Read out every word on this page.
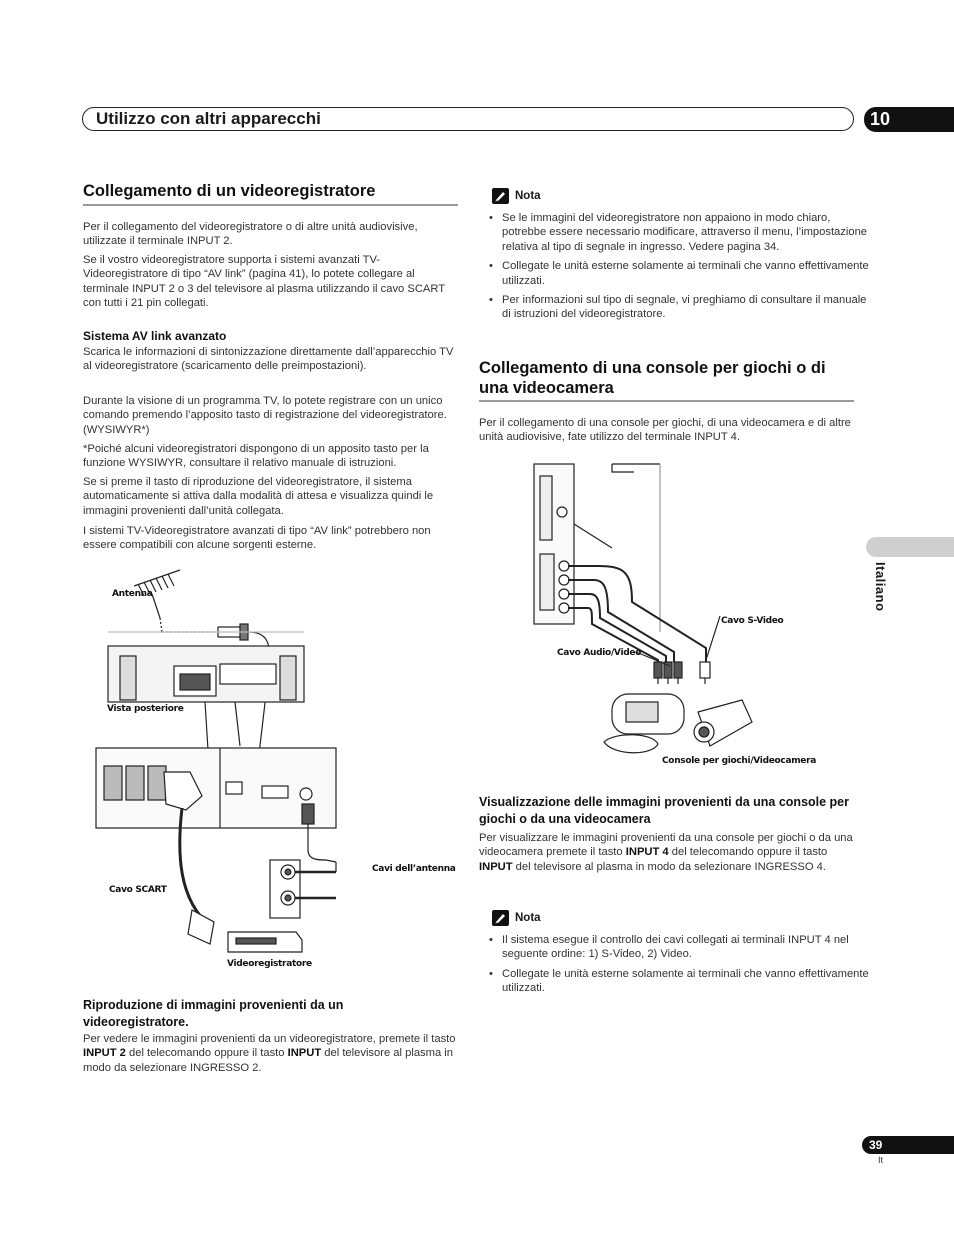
Utilizzo con altri apparecchi	10
Italiano
Collegamento di un videoregistratore

Per il collegamento del videoregistratore o di altre unità audiovisive, utilizzate il terminale INPUT 2.

Se il vostro videoregistratore supporta i sistemi avanzati TV-Videoregistratore di tipo “AV link” (pagina 41), lo potete collegare al terminale INPUT 2 o 3 del televisore al plasma utilizzando il cavo SCART con tutti i 21 pin collegati.

Sistema AV link avanzato

Scarica le informazioni di sintonizzazione direttamente dall’apparecchio TV al videoregistratore (scaricamento delle preimpostazioni).

Durante la visione di un programma TV, lo potete registrare con un unico comando premendo l’apposito tasto di registrazione del videoregistratore. (WYSIWYR*)

*Poiché alcuni videoregistratori dispongono di un apposito tasto per la funzione WYSIWYR, consultare il relativo manuale di istruzioni.

Se si preme il tasto di riproduzione del videoregistratore, il sistema automaticamente si attiva dalla modalità di attesa e visualizza quindi le immagini provenienti dall’unità collegata.

I sistemi TV-Videoregistratore avanzati di tipo “AV link” potrebbero non essere compatibili con alcune sorgenti esterne.

Antenna
Vista posteriore
Cavi dell’antenna
Cavo SCART
Videoregistratore
Riproduzione di immagini provenienti da un videoregistratore.

Per vedere le immagini provenienti da un videoregistratore, premete il tasto INPUT 2 del telecomando oppure il tasto INPUT del televisore al plasma in modo da selezionare INGRESSO 2.

Nota
• Se le immagini del videoregistratore non appaiono in modo chiaro, potrebbe essere necessario modificare, attraverso il menu, l’impostazione relativa al tipo di segnale in ingresso. Vedere pagina 34.
• Collegate le unità esterne solamente ai terminali che vanno effettivamente utilizzati.
• Per informazioni sul tipo di segnale, vi preghiamo di consultare il manuale di istruzioni del videoregistratore.
Collegamento di una console per giochi o di una videocamera

Per il collegamento di una console per giochi, di una videocamera e di altre unità audiovisive, fate utilizzo del terminale INPUT 4.

Cavo S-Video
Cavo Audio/Video
Console per giochi/Videocamera
Visualizzazione delle immagini provenienti da una console per giochi o da una videocamera

Per visualizzare le immagini provenienti da una console per giochi o da una videocamera premete il tasto INPUT 4 del telecomando oppure il tasto INPUT del televisore al plasma in modo da selezionare INGRESSO 4.

Nota
• Il sistema esegue il controllo dei cavi collegati ai terminali INPUT 4 nel seguente ordine: 1) S-Video, 2) Video.
• Collegate le unità esterne solamente ai terminali che vanno effettivamente utilizzati.
39
It
